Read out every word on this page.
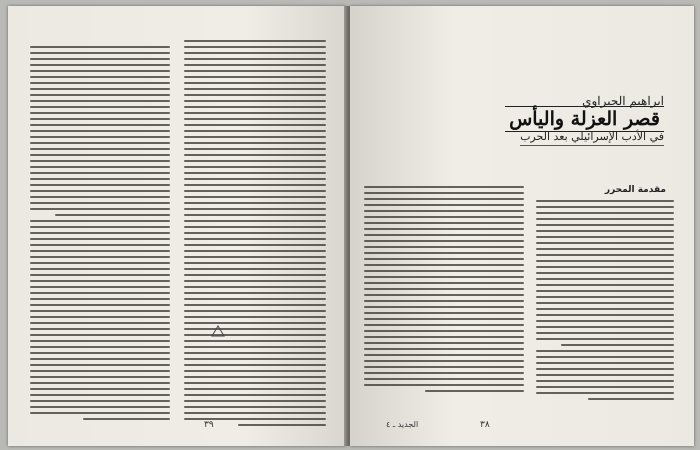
٣٩
ابراهيم الجبراوي
قصر العزلة واليأس
في الأدب الإسرائيلي بعد الحرب
مقدمة المحرر
الجديد ـ ٤	٣٨
